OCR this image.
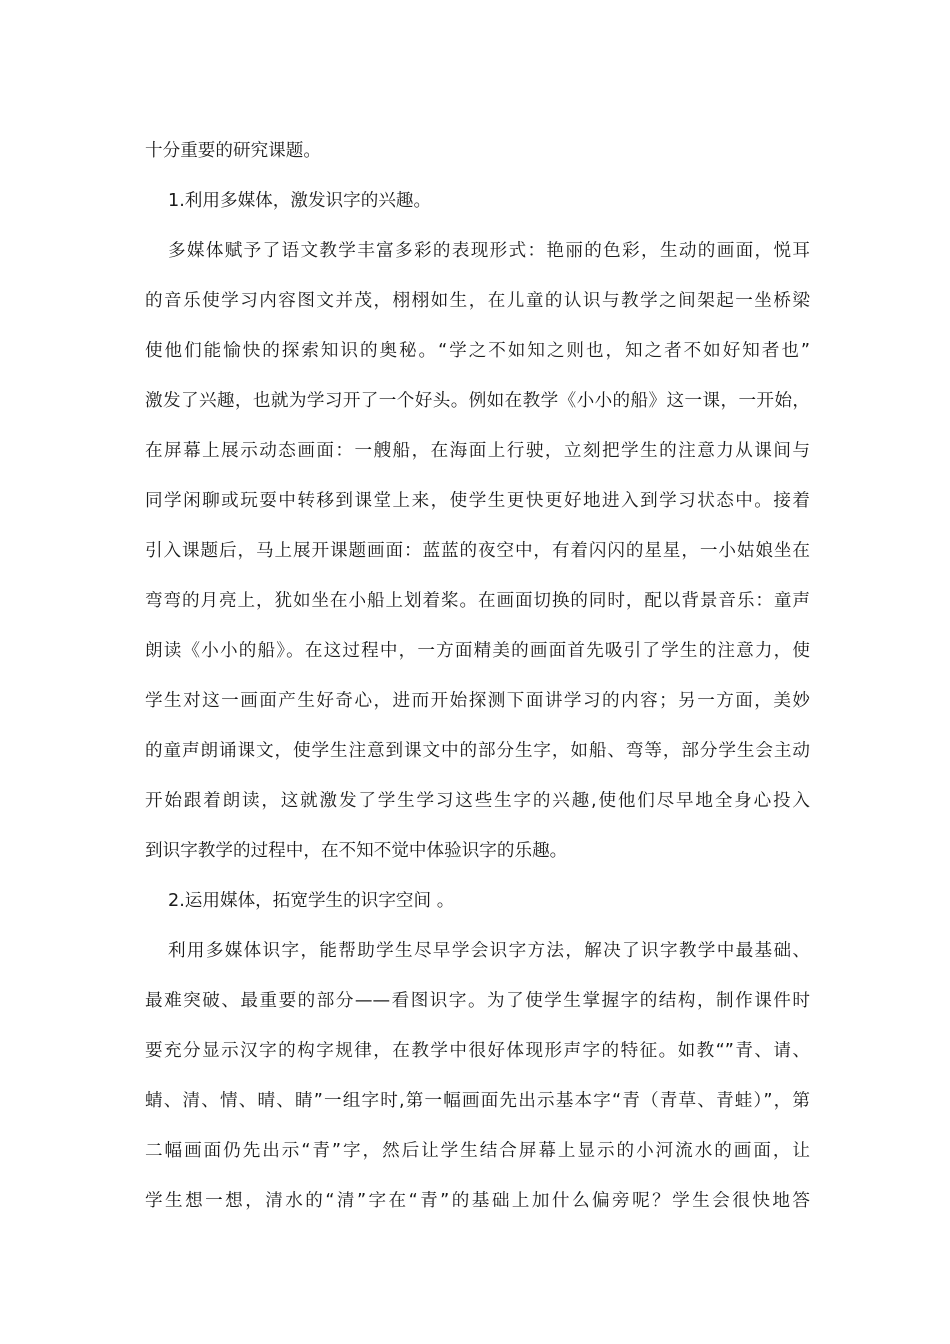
十分重要的研究课题。
1.利用多媒体，激发识字的兴趣。
多媒体赋予了语文教学丰富多彩的表现形式：艳丽的色彩，生动的画面，悦耳
的音乐使学习内容图文并茂，栩栩如生，在儿童的认识与教学之间架起一坐桥梁
使他们能愉快的探索知识的奥秘。“学之不如知之则也，知之者不如好知者也”
激发了兴趣，也就为学习开了一个好头。例如在教学《小小的船》这一课，一开始，
在屏幕上展示动态画面：一艘船，在海面上行驶，立刻把学生的注意力从课间与
同学闲聊或玩耍中转移到课堂上来，使学生更快更好地进入到学习状态中。接着
引入课题后，马上展开课题画面：蓝蓝的夜空中，有着闪闪的星星，一小姑娘坐在
弯弯的月亮上，犹如坐在小船上划着桨。在画面切换的同时，配以背景音乐：童声
朗读《小小的船》。在这过程中，一方面精美的画面首先吸引了学生的注意力，使
学生对这一画面产生好奇心，进而开始探测下面讲学习的内容；另一方面，美妙
的童声朗诵课文，使学生注意到课文中的部分生字，如船、弯等，部分学生会主动
开始跟着朗读，这就激发了学生学习这些生字的兴趣,使他们尽早地全身心投入
到识字教学的过程中，在不知不觉中体验识字的乐趣。
2.运用媒体，拓宽学生的识字空间 。
利用多媒体识字，能帮助学生尽早学会识字方法，解决了识字教学中最基础、
最难突破、最重要的部分——看图识字。为了使学生掌握字的结构，制作课件时
要充分显示汉字的构字规律，在教学中很好体现形声字的特征。如教“”青、请、
蜻、清、情、晴、睛”一组字时,第一幅画面先出示基本字“青（青草、青蛙）”，第
二幅画面仍先出示“青”字，然后让学生结合屏幕上显示的小河流水的画面，让
学生想一想，清水的“清”字在“青”的基础上加什么偏旁呢？学生会很快地答
